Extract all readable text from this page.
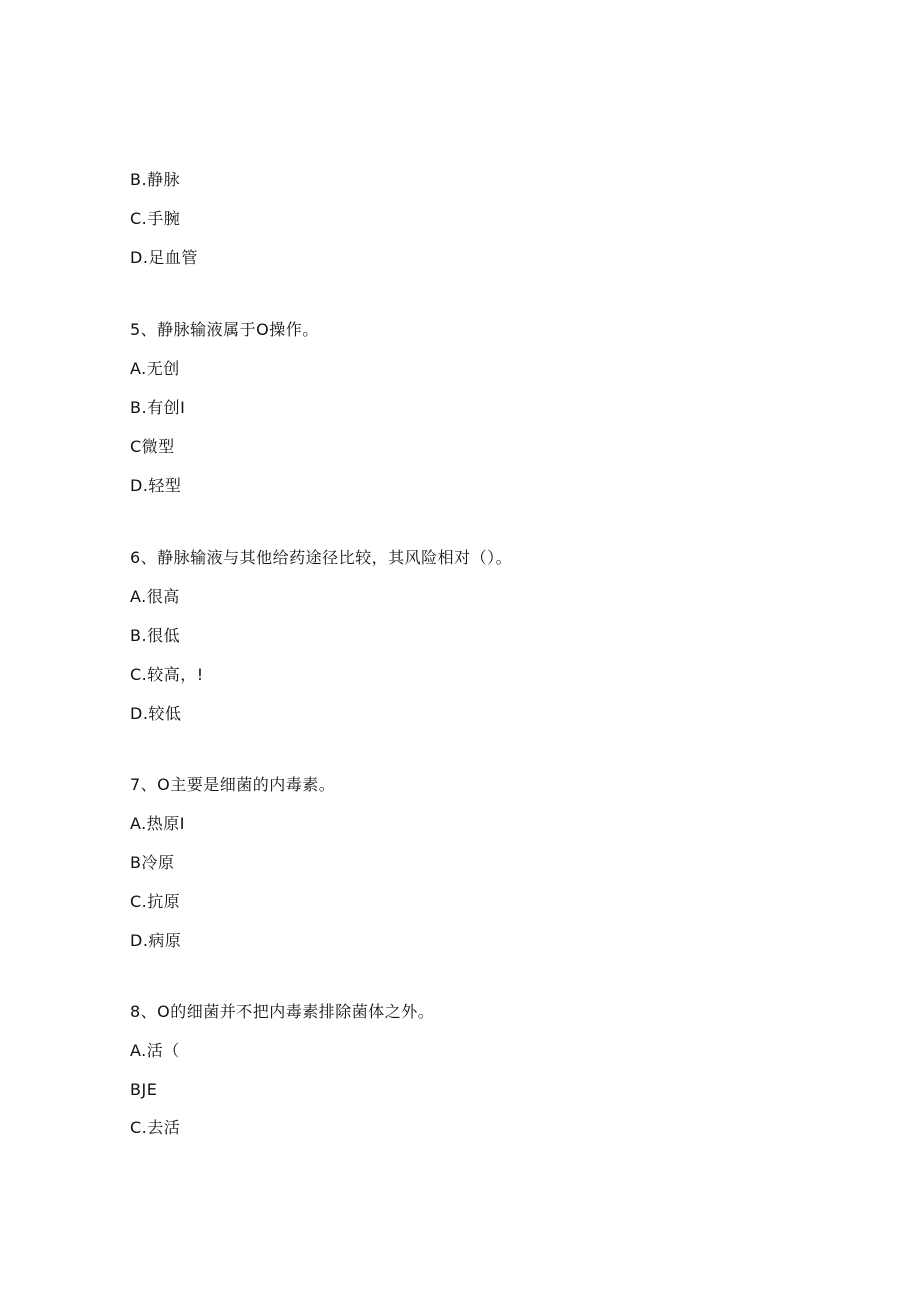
B.静脉
C.手腕
D.足血管
5、静脉输液属于O操作。
A.无创
B.有创I
C微型
D.轻型
6、静脉输液与其他给药途径比较，其风险相对（）。
A.很高
B.很低
C.较高，!
D.较低
7、O主要是细菌的内毒素。
A.热原I
B冷原
C.抗原
D.病原
8、O的细菌并不把内毒素排除菌体之外。
A.活（
BJE
C.去活
